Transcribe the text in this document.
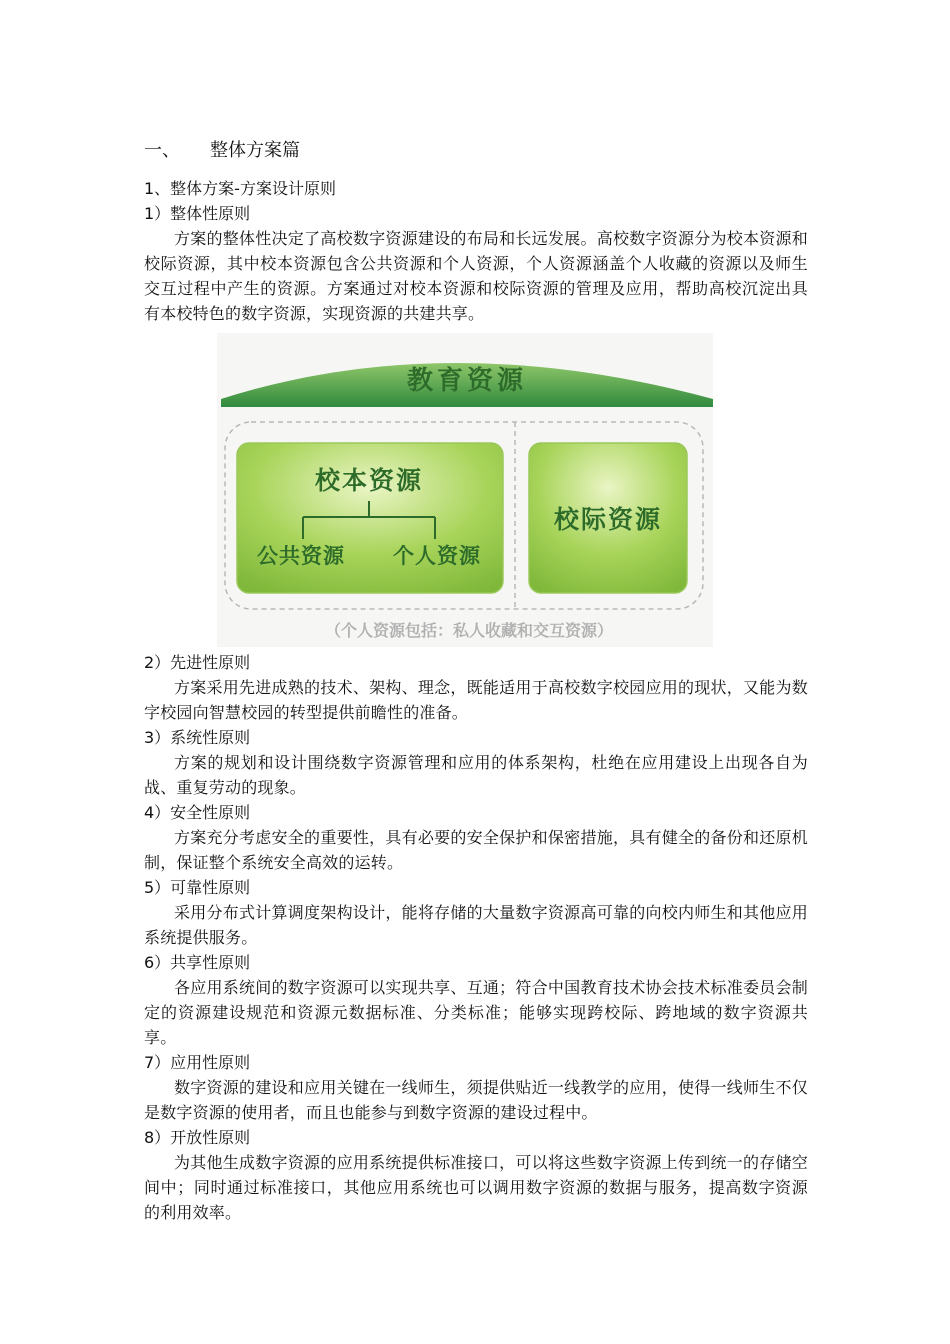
一、 整体方案篇

1、整体方案-方案设计原则

1）整体性原则

方案的整体性决定了高校数字资源建设的布局和长远发展。高校数字资源分为校本资源和校际资源，其中校本资源包含公共资源和个人资源，个人资源涵盖个人收藏的资源以及师生交互过程中产生的资源。方案通过对校本资源和校际资源的管理及应用，帮助高校沉淀出具有本校特色的数字资源，实现资源的共建共享。

教育资源
校本资源
公共资源 个人资源
校际资源
（个人资源包括：私人收藏和交互资源）

2）先进性原则

方案采用先进成熟的技术、架构、理念，既能适用于高校数字校园应用的现状，又能为数字校园向智慧校园的转型提供前瞻性的准备。

3）系统性原则

方案的规划和设计围绕数字资源管理和应用的体系架构，杜绝在应用建设上出现各自为战、重复劳动的现象。

4）安全性原则

方案充分考虑安全的重要性，具有必要的安全保护和保密措施，具有健全的备份和还原机制，保证整个系统安全高效的运转。

5）可靠性原则

采用分布式计算调度架构设计，能将存储的大量数字资源高可靠的向校内师生和其他应用系统提供服务。

6）共享性原则

各应用系统间的数字资源可以实现共享、互通；符合中国教育技术协会技术标准委员会制定的资源建设规范和资源元数据标准、分类标准；能够实现跨校际、跨地域的数字资源共享。

7）应用性原则

数字资源的建设和应用关键在一线师生，须提供贴近一线教学的应用，使得一线师生不仅是数字资源的使用者，而且也能参与到数字资源的建设过程中。

8）开放性原则

为其他生成数字资源的应用系统提供标准接口，可以将这些数字资源上传到统一的存储空间中；同时通过标准接口，其他应用系统也可以调用数字资源的数据与服务，提高数字资源的利用效率。
